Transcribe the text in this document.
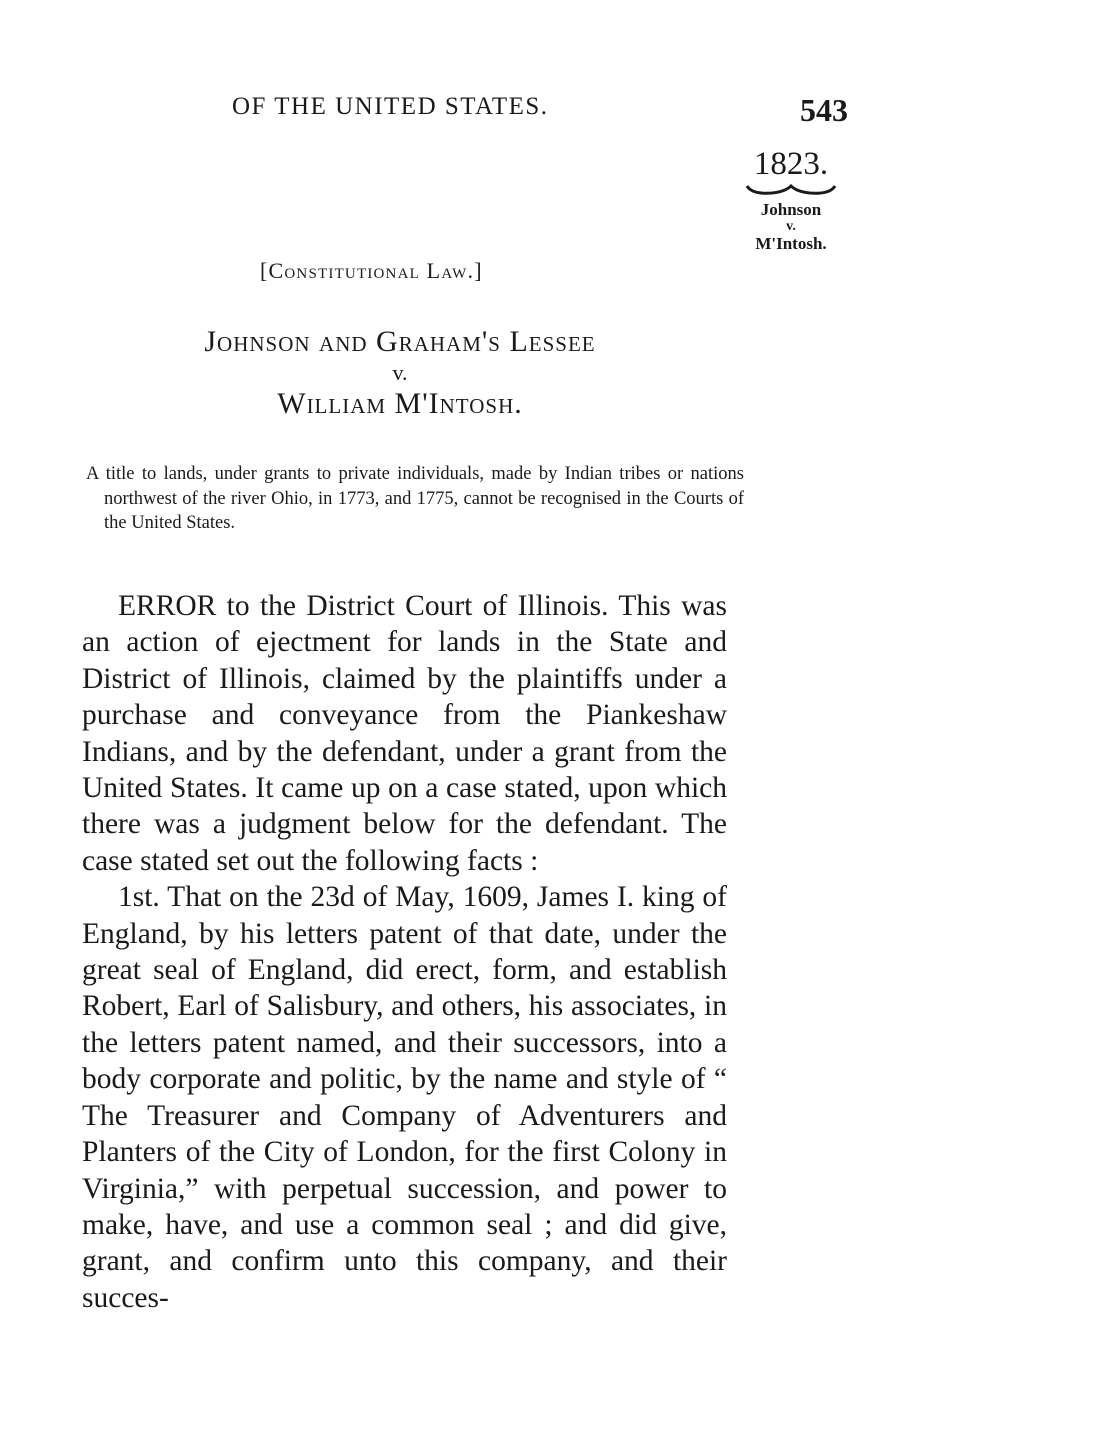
OF THE UNITED STATES.	543
1823.
Johnson
v.
M'Intosh.
[Constitutional Law.]
Johnson and Graham's Lessee
v.
William M'Intosh.
A title to lands, under grants to private individuals, made by Indian tribes or nations northwest of the river Ohio, in 1773, and 1775, cannot be recognised in the Courts of the United States.

ERROR to the District Court of Illinois. This was an action of ejectment for lands in the State and District of Illinois, claimed by the plaintiffs under a purchase and conveyance from the Piankeshaw Indians, and by the defendant, under a grant from the United States. It came up on a case stated, upon which there was a judgment below for the defendant. The case stated set out the following facts :

1st. That on the 23d of May, 1609, James I. king of England, by his letters patent of that date, under the great seal of England, did erect, form, and establish Robert, Earl of Salisbury, and others, his associates, in the letters patent named, and their successors, into a body corporate and politic, by the name and style of “ The Treasurer and Company of Adventurers and Planters of the City of London, for the first Colony in Virginia,” with perpetual succession, and power to make, have, and use a common seal ; and did give, grant, and confirm unto this company, and their succes-
